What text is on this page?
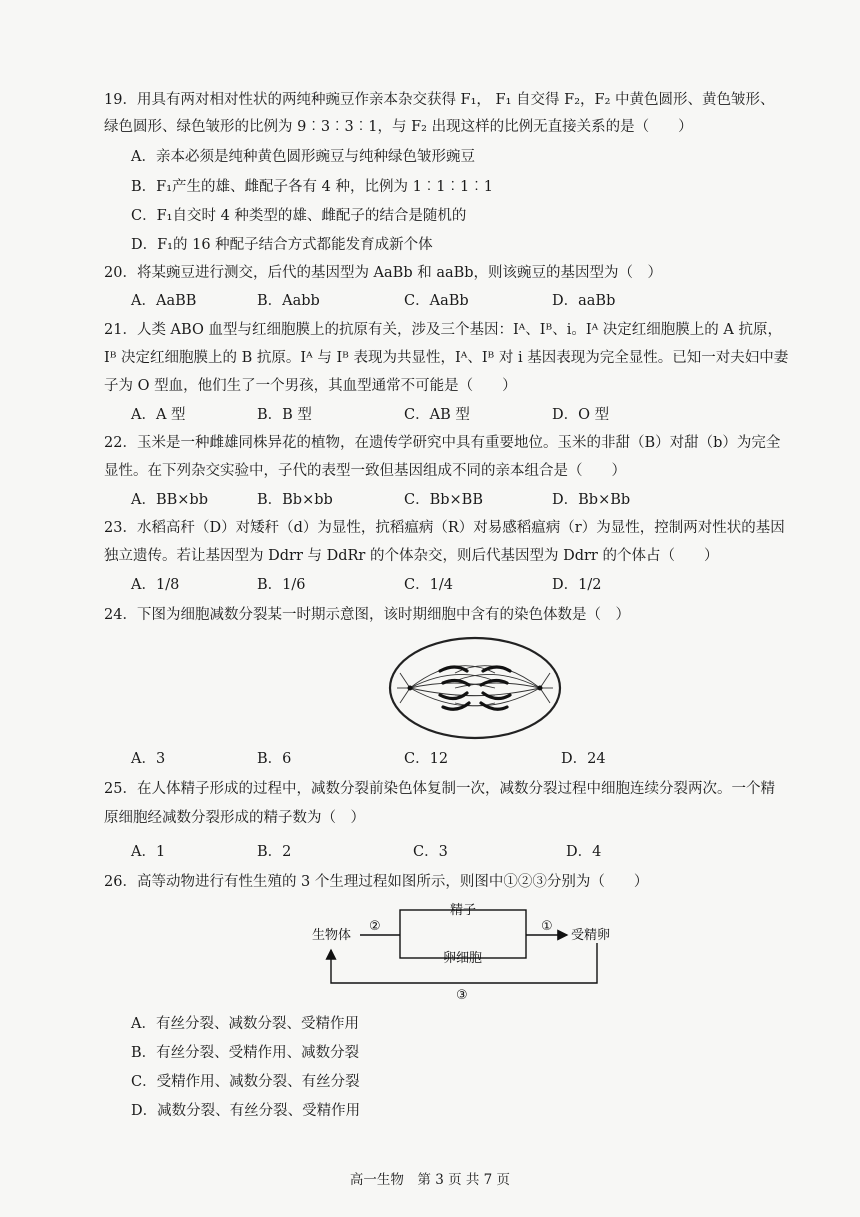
19．用具有两对相对性状的两纯种豌豆作亲本杂交获得 F₁， F₁ 自交得 F₂，F₂ 中黄色圆形、黄色皱形、
绿色圆形、绿色皱形的比例为 9︰3︰3︰1，与 F₂ 出现这样的比例无直接关系的是（　　）
A．亲本必须是纯种黄色圆形豌豆与纯种绿色皱形豌豆
B．F₁产生的雄、雌配子各有 4 种，比例为 1︰1︰1︰1
C．F₁自交时 4 种类型的雄、雌配子的结合是随机的
D．F₁的 16 种配子结合方式都能发育成新个体
20．将某豌豆进行测交，后代的基因型为 AaBb 和 aaBb，则该豌豆的基因型为（　）
A．AaBB	B．Aabb	C．AaBb	D．aaBb
21．人类 ABO 血型与红细胞膜上的抗原有关，涉及三个基因：Iᴬ、Iᴮ、i。Iᴬ 决定红细胞膜上的 A 抗原，
Iᴮ 决定红细胞膜上的 B 抗原。Iᴬ 与 Iᴮ 表现为共显性，Iᴬ、Iᴮ 对 i 基因表现为完全显性。已知一对夫妇中妻
子为 O 型血，他们生了一个男孩，其血型通常不可能是（　　）
A．A 型	B．B 型	C．AB 型	D．O 型
22．玉米是一种雌雄同株异花的植物，在遗传学研究中具有重要地位。玉米的非甜（B）对甜（b）为完全
显性。在下列杂交实验中，子代的表型一致但基因组成不同的亲本组合是（　　）
A．BB×bb	B．Bb×bb	C．Bb×BB	D．Bb×Bb
23．水稻高秆（D）对矮秆（d）为显性，抗稻瘟病（R）对易感稻瘟病（r）为显性，控制两对性状的基因
独立遗传。若让基因型为 Ddrr 与 DdRr 的个体杂交，则后代基因型为 Ddrr 的个体占（　　）
A．1/8	B．1/6	C．1/4	D．1/2
24．下图为细胞减数分裂某一时期示意图，该时期细胞中含有的染色体数是（　）
A．3	B．6	C．12	D．24
25．在人体精子形成的过程中，减数分裂前染色体复制一次，减数分裂过程中细胞连续分裂两次。一个精
原细胞经减数分裂形成的精子数为（　）
A．1	B．2	C．3	D．4
26．高等动物进行有性生殖的 3 个生理过程如图所示，则图中①②③分别为（　　）
生物体
②
精子
卵细胞
①
受精卵
③
A．有丝分裂、减数分裂、受精作用
B．有丝分裂、受精作用、减数分裂
C．受精作用、减数分裂、有丝分裂
D．减数分裂、有丝分裂、受精作用
高一生物　第 3 页 共 7 页
